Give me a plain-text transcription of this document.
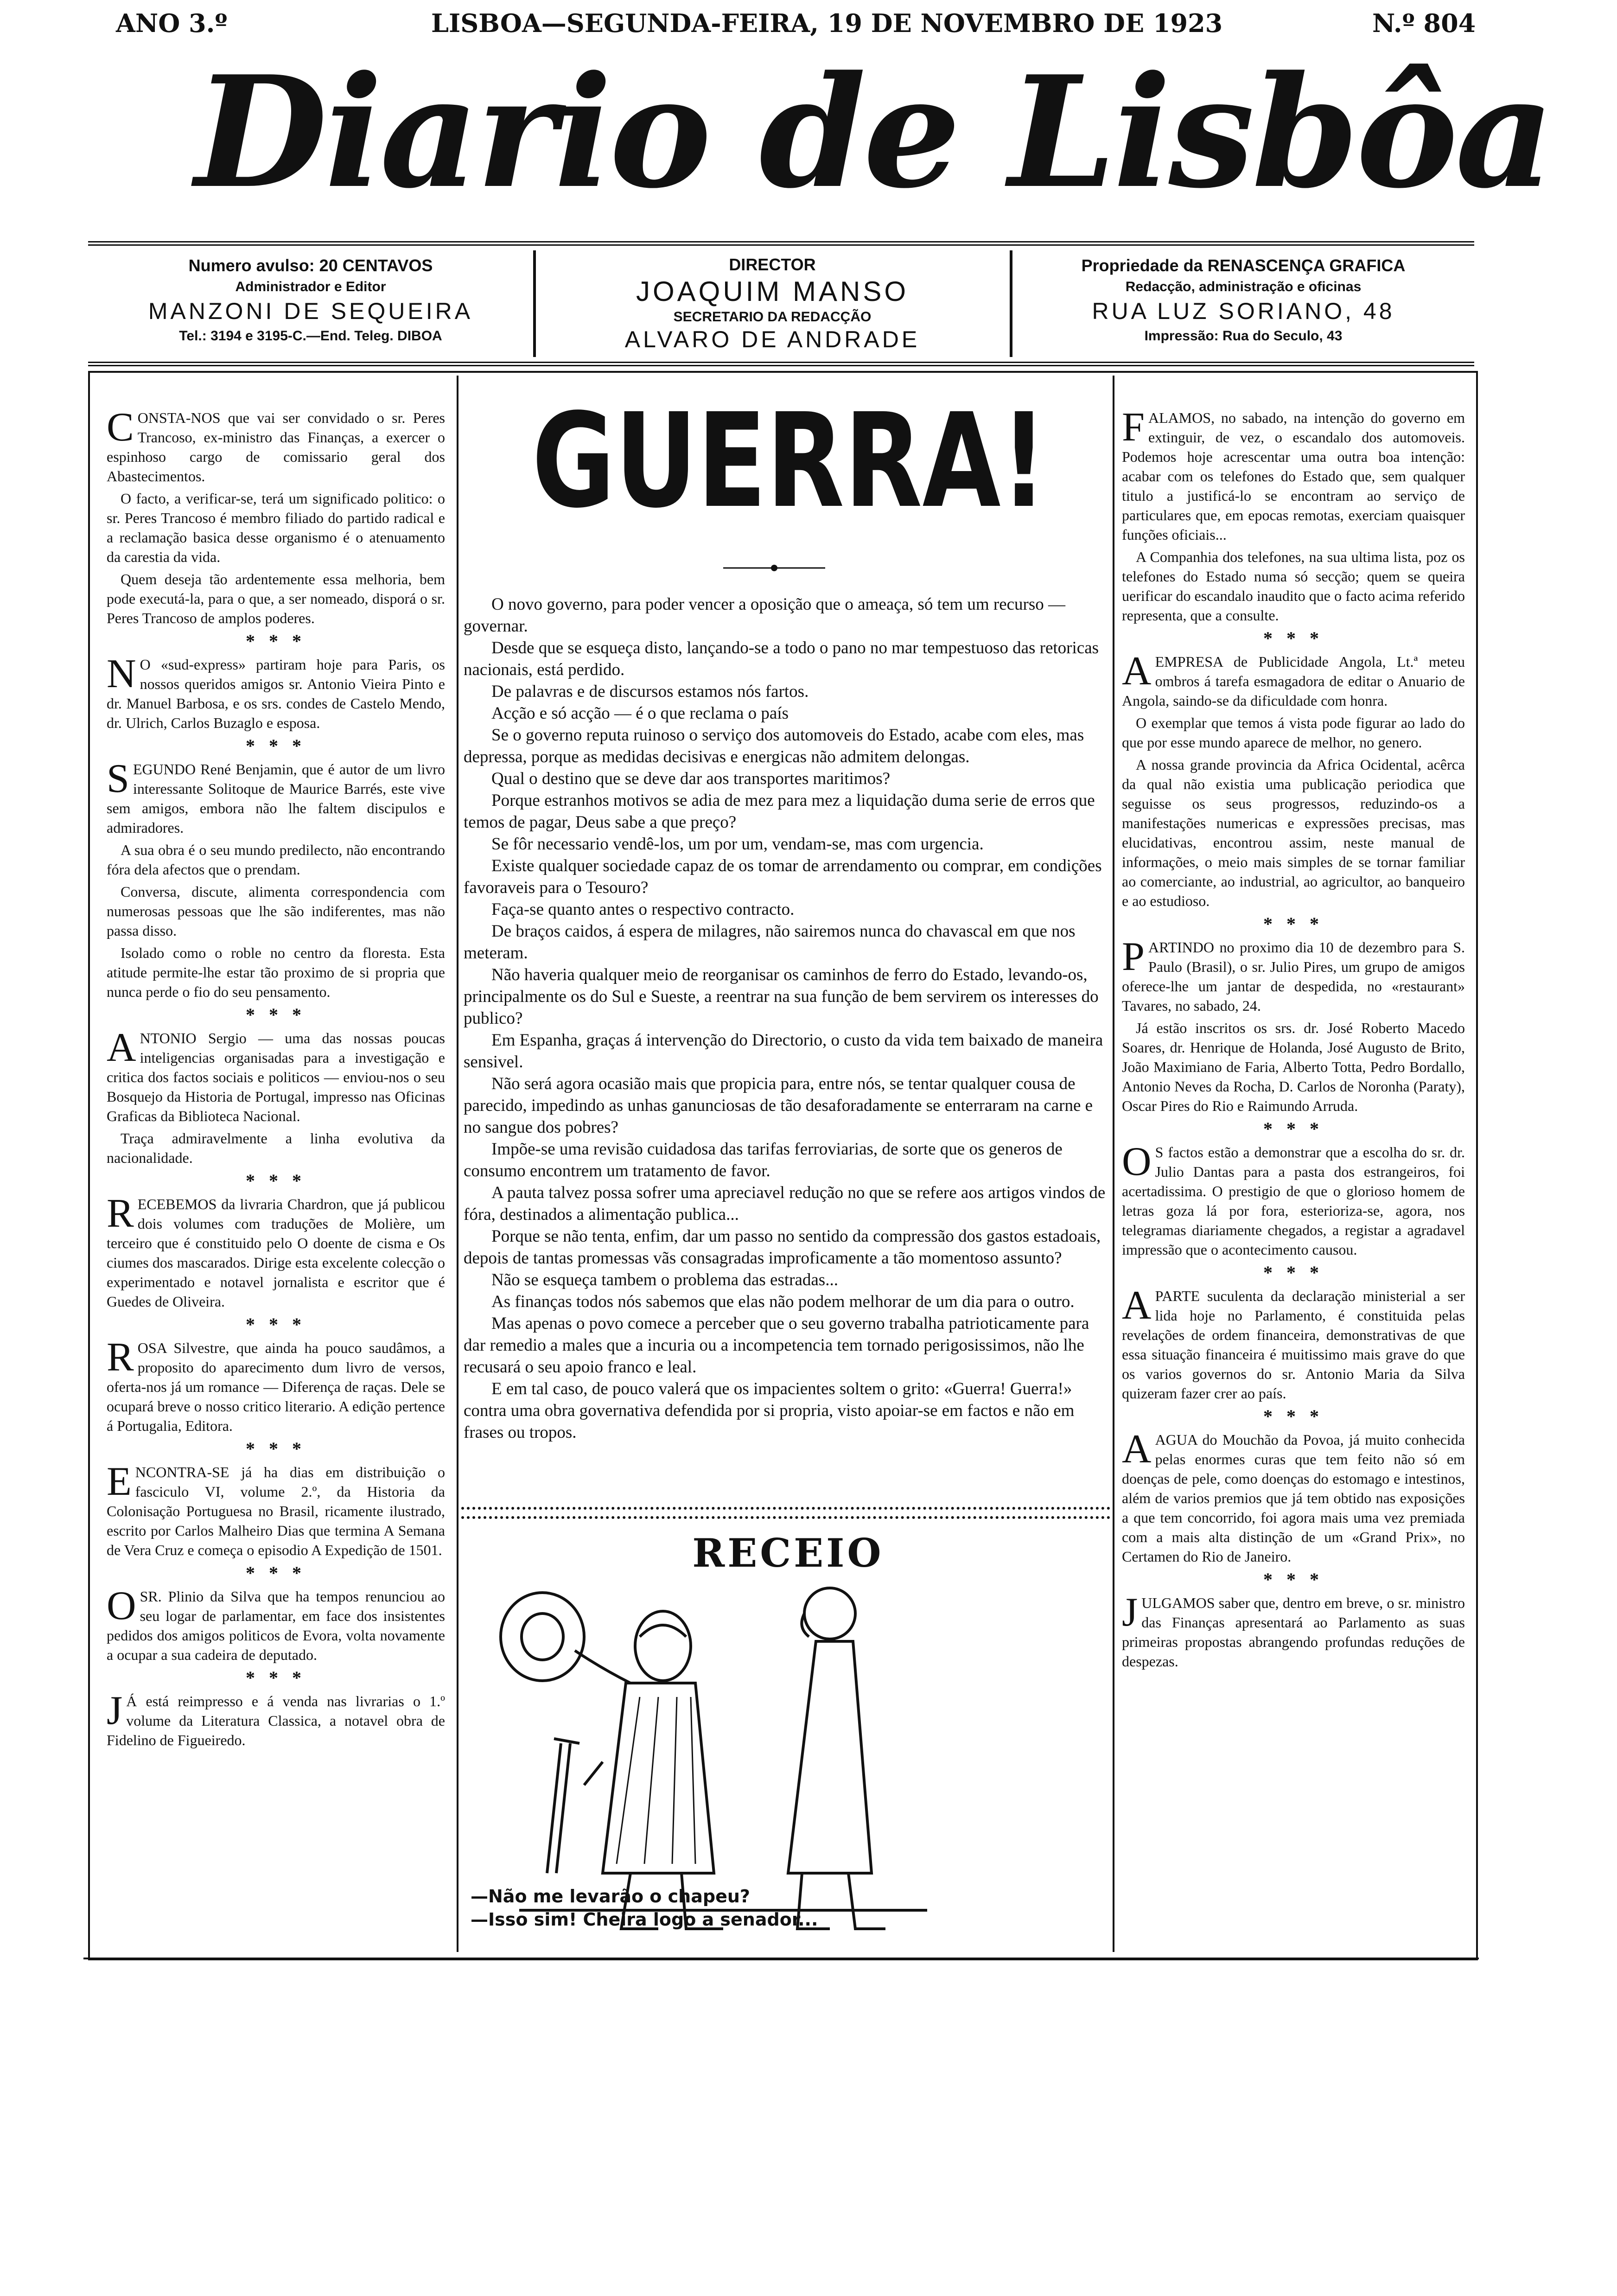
ANO 3.º	LISBOA—SEGUNDA-FEIRA, 19 DE NOVEMBRO DE 1923	N.º 804
Diario de Lisbôa
Numero avulso: 20 CENTAVOS
Administrador e Editor
MANZONI DE SEQUEIRA
Tel.: 3194 e 3195-C.—End. Teleg. DIBOA
DIRECTOR
JOAQUIM MANSO
SECRETARIO DA REDACÇÃO
ALVARO DE ANDRADE
Propriedade da RENASCENÇA GRAFICA
Redacção, administração e oficinas
RUA LUZ SORIANO, 48
Impressão: Rua do Seculo, 43

CONSTA-NOS que vai ser convidado o sr. Peres Trancoso, ex-ministro das Finanças, a exercer o espinhoso cargo de comissario geral dos Abastecimentos.

O facto, a verificar-se, terá um significado politico: o sr. Peres Trancoso é membro filiado do partido radical e a reclamação basica desse organismo é o atenuamento da carestia da vida.

Quem deseja tão ardentemente essa melhoria, bem pode executá-la, para o que, a ser nomeado, disporá o sr. Peres Trancoso de amplos poderes.

* * *

N O «sud-express» partiram hoje para Paris, os nossos queridos amigos sr. Antonio Vieira Pinto e dr. Manuel Barbosa, e os srs. condes de Castelo Mendo, dr. Ulrich, Carlos Buzaglo e esposa.

* * *

SEGUNDO René Benjamin, que é autor de um livro interessante Solitoque de Maurice Barrés, este vive sem amigos, embora não lhe faltem discipulos e admiradores.

A sua obra é o seu mundo predilecto, não encontrando fóra dela afectos que o prendam.

Conversa, discute, alimenta correspondencia com numerosas pessoas que lhe são indiferentes, mas não passa disso.

Isolado como o roble no centro da floresta. Esta atitude permite-lhe estar tão proximo de si propria que nunca perde o fio do seu pensamento.

* * *

ANTONIO Sergio — uma das nossas poucas inteligencias organisadas para a investigação e critica dos factos sociais e politicos — enviou-nos o seu Bosquejo da Historia de Portugal, impresso nas Oficinas Graficas da Biblioteca Nacional.

Traça admiravelmente a linha evolutiva da nacionalidade.

* * *

RECEBEMOS da livraria Chardron, que já publicou dois volumes com traduções de Molière, um terceiro que é constituido pelo O doente de cisma e Os ciumes dos mascarados. Dirige esta excelente colecção o experimentado e notavel jornalista e escritor que é Guedes de Oliveira.

* * *

ROSA Silvestre, que ainda ha pouco saudâmos, a proposito do aparecimento dum livro de versos, oferta-nos já um romance — Diferença de raças. Dele se ocupará breve o nosso critico literario. A edição pertence á Portugalia, Editora.

* * *

ENCONTRA-SE já ha dias em distribuição o fasciculo VI, volume 2.º, da Historia da Colonisação Portuguesa no Brasil, ricamente ilustrado, escrito por Carlos Malheiro Dias que termina A Semana de Vera Cruz e começa o episodio A Expedição de 1501.

* * *

OSR. Plinio da Silva que ha tempos renunciou ao seu logar de parlamentar, em face dos insistentes pedidos dos amigos politicos de Evora, volta novamente a ocupar a sua cadeira de deputado.

* * *

J Á está reimpresso e á venda nas livrarias o 1.º volume da Literatura Classica, a notavel obra de Fidelino de Figueiredo.

GUERRA!

O novo governo, para poder vencer a oposição que o ameaça, só tem um recurso — governar.

Desde que se esqueça disto, lançando-se a todo o pano no mar tempestuoso das retoricas nacionais, está perdido.

De palavras e de discursos estamos nós fartos.

Acção e só acção — é o que reclama o país

Se o governo reputa ruinoso o serviço dos automoveis do Estado, acabe com eles, mas depressa, porque as medidas decisivas e energicas não admitem delongas.

Qual o destino que se deve dar aos transportes maritimos?

Porque estranhos motivos se adia de mez para mez a liquidação duma serie de erros que temos de pagar, Deus sabe a que preço?

Se fôr necessario vendê-los, um por um, vendam-se, mas com urgencia.

Existe qualquer sociedade capaz de os tomar de arrendamento ou comprar, em condições favoraveis para o Tesouro?

Faça-se quanto antes o respectivo contracto.

De braços caidos, á espera de milagres, não sairemos nunca do chavascal em que nos meteram.

Não haveria qualquer meio de reorganisar os caminhos de ferro do Estado, levando-os, principalmente os do Sul e Sueste, a reentrar na sua função de bem servirem os interesses do publico?

Em Espanha, graças á intervenção do Directorio, o custo da vida tem baixado de maneira sensivel.

Não será agora ocasião mais que propicia para, entre nós, se tentar qualquer cousa de parecido, impedindo as unhas ganunciosas de tão desaforadamente se enterraram na carne e no sangue dos pobres?

Impõe-se uma revisão cuidadosa das tarifas ferroviarias, de sorte que os generos de consumo encontrem um tratamento de favor.

A pauta talvez possa sofrer uma apreciavel redução no que se refere aos artigos vindos de fóra, destinados a alimentação publica...

Porque se não tenta, enfim, dar um passo no sentido da compressão dos gastos estadoais, depois de tantas promessas vãs consagradas improficamente a tão momentoso assunto?

Não se esqueça tambem o problema das estradas...

As finanças todos nós sabemos que elas não podem melhorar de um dia para o outro.

Mas apenas o povo comece a perceber que o seu governo trabalha patrioticamente para dar remedio a males que a incuria ou a incompetencia tem tornado perigosissimos, não lhe recusará o seu apoio franco e leal.

E em tal caso, de pouco valerá que os impacientes soltem o grito: «Guerra! Guerra!» contra uma obra governativa defendida por si propria, visto apoiar-se em factos e não em frases ou tropos.

RECEIO
—Não me levarão o chapeu?
—Isso sim! Cheira logo a senador...

FALAMOS, no sabado, na intenção do governo em extinguir, de vez, o escandalo dos automoveis. Podemos hoje acrescentar uma outra boa intenção: acabar com os telefones do Estado que, sem qualquer titulo a justificá-lo se encontram ao serviço de particulares que, em epocas remotas, exerciam quaisquer funções oficiais...

A Companhia dos telefones, na sua ultima lista, poz os telefones do Estado numa só secção; quem se queira uerificar do escandalo inaudito que o facto acima referido representa, que a consulte.

* * *

AEMPRESA de Publicidade Angola, Lt.ª meteu ombros á tarefa esmagadora de editar o Anuario de Angola, saindo-se da dificuldade com honra.

O exemplar que temos á vista pode figurar ao lado do que por esse mundo aparece de melhor, no genero.

A nossa grande provincia da Africa Ocidental, acêrca da qual não existia uma publicação periodica que seguisse os seus progressos, reduzindo-os a manifestações numericas e expressões precisas, mas elucidativas, encontrou assim, neste manual de informações, o meio mais simples de se tornar familiar ao comerciante, ao industrial, ao agricultor, ao banqueiro e ao estudioso.

* * *

PARTINDO no proximo dia 10 de dezembro para S. Paulo (Brasil), o sr. Julio Pires, um grupo de amigos oferece-lhe um jantar de despedida, no «restaurant» Tavares, no sabado, 24.

Já estão inscritos os srs. dr. José Roberto Macedo Soares, dr. Henrique de Holanda, José Augusto de Brito, João Maximiano de Faria, Alberto Totta, Pedro Bordallo, Antonio Neves da Rocha, D. Carlos de Noronha (Paraty), Oscar Pires do Rio e Raimundo Arruda.

* * *

O S factos estão a demonstrar que a escolha do sr. dr. Julio Dantas para a pasta dos estrangeiros, foi acertadissima. O prestigio de que o glorioso homem de letras goza lá por fora, esterioriza-se, agora, nos telegramas diariamente chegados, a registar a agradavel impressão que o acontecimento causou.

* * *

APARTE suculenta da declaração ministerial a ser lida hoje no Parlamento, é constituida pelas revelações de ordem financeira, demonstrativas de que essa situação financeira é muitissimo mais grave do que os varios governos do sr. Antonio Maria da Silva quizeram fazer crer ao país.

* * *

AAGUA do Mouchão da Povoa, já muito conhecida pelas enormes curas que tem feito não só em doenças de pele, como doenças do estomago e intestinos, além de varios premios que já tem obtido nas exposições a que tem concorrido, foi agora mais uma vez premiada com a mais alta distinção de um «Grand Prix», no Certamen do Rio de Janeiro.

* * *

JULGAMOS saber que, dentro em breve, o sr. ministro das Finanças apresentará ao Parlamento as suas primeiras propostas abrangendo profundas reduções de despezas.
